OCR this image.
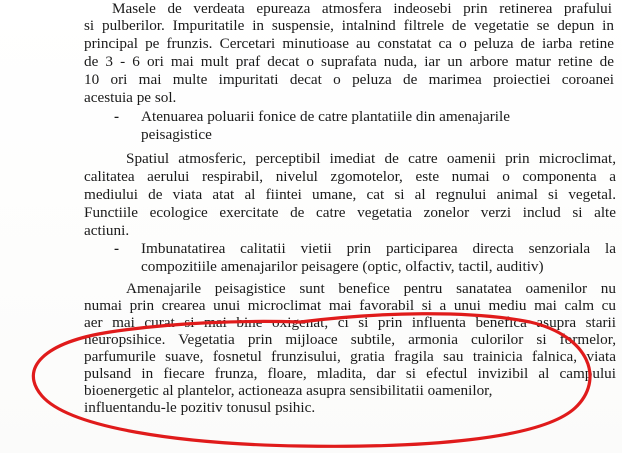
Masele de verdeata epureaza atmosfera indeosebi prin retinerea prafului
si pulberilor. Impuritatile in suspensie, intalnind filtrele de vegetatie se depun in
principal pe frunzis. Cercetari minutioase au constatat ca o peluza de iarba retine
de 3 - 6 ori mai mult praf decat o suprafata nuda, iar un arbore matur retine de
10 ori mai multe impuritati decat o peluza de marimea proiectiei coroanei
acestuia pe sol.
- Atenuarea poluarii fonice de catre plantatiile din amenajarile
peisagistice
Spatiul atmosferic, perceptibil imediat de catre oamenii prin microclimat,
calitatea aerului respirabil, nivelul zgomotelor, este numai o componenta a
mediului de viata atat al fiintei umane, cat si al regnului animal si vegetal.
Functiile ecologice exercitate de catre vegetatia zonelor verzi includ si alte
actiuni.
- Imbunatatirea calitatii vietii prin participarea directa senzoriala la
compozitiile amenajarilor peisagere (optic, olfactiv, tactil, auditiv)
Amenajarile peisagistice sunt benefice pentru sanatatea oamenilor nu
numai prin crearea unui microclimat mai favorabil si a unui mediu mai calm cu
aer mai curat si mai bine oxigenat, ci si prin influenta benefica asupra starii
neuropsihice. Vegetatia prin mijloace subtile, armonia culorilor si formelor,
parfumurile suave, fosnetul frunzisului, gratia fragila sau trainicia falnica, viata
pulsand in fiecare frunza, floare, mladita, dar si efectul invizibil al campului
bioenergetic al plantelor, actioneaza asupra sensibilitatii oamenilor,
influentandu-le pozitiv tonusul psihic.
